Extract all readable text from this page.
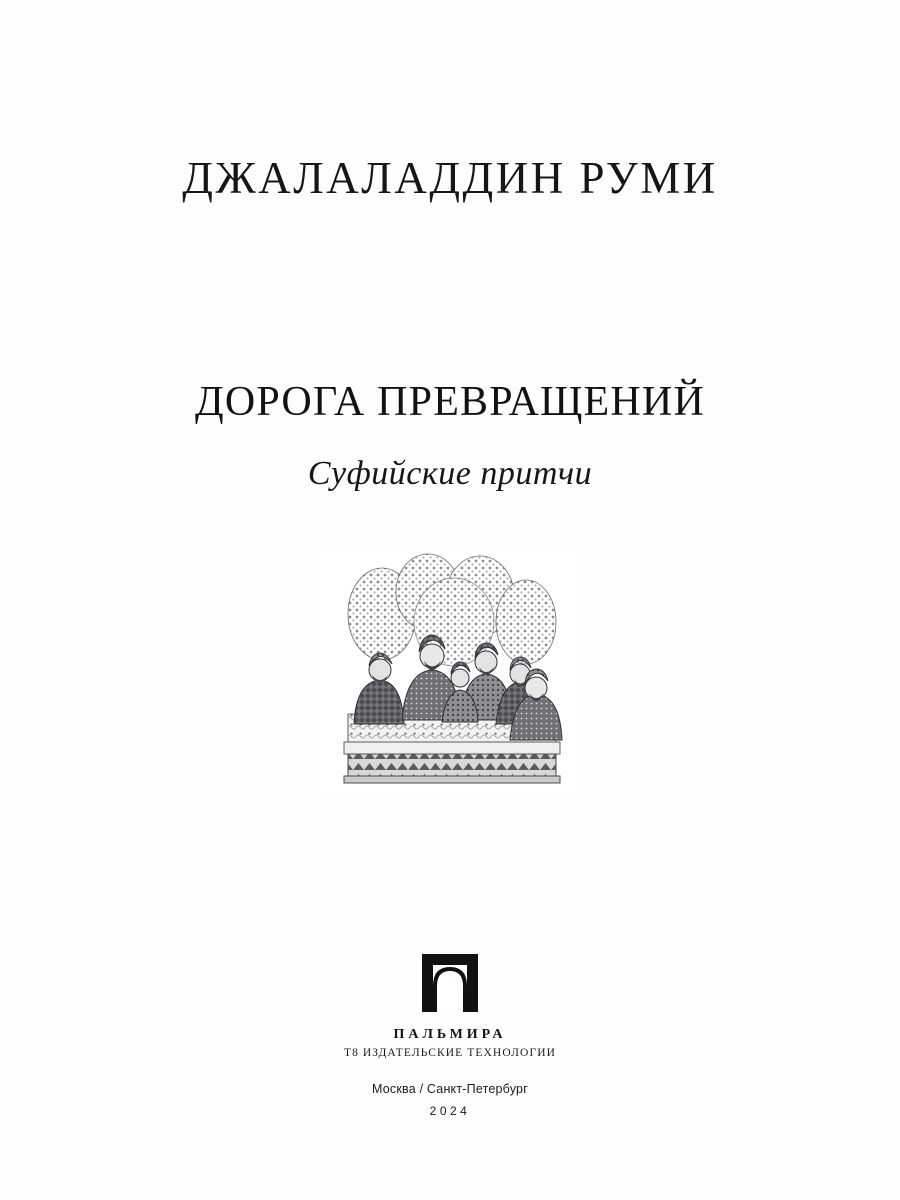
ДЖАЛАЛАДДИН РУМИ
ДОРОГА ПРЕВРАЩЕНИЙ
Суфийские притчи
ПАЛЬМИРА
Т8 ИЗДАТЕЛЬСКИЕ ТЕХНОЛОГИИ
Москва / Санкт-Петербург
2024
